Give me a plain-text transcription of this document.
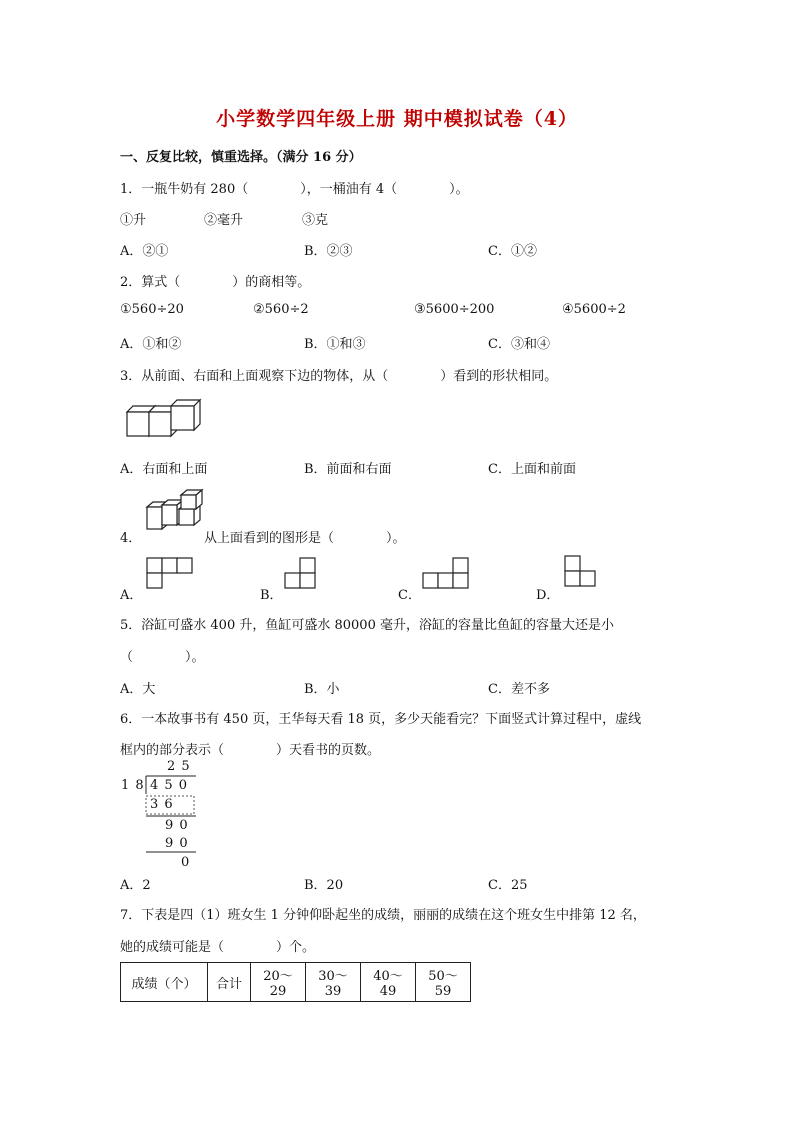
小学数学四年级上册 期中模拟试卷（4）
一、反复比较，慎重选择。（满分 16 分）
1．一瓶牛奶有 280（　　　　），一桶油有 4（　　　　）。
①升	②毫升	③克
A．②①	B．②③	C．①②
2．算式（　　　　）的商相等。
①560÷20	②560÷2	③5600÷200	④5600÷2
A．①和②	B．①和③	C．③和④
3．从前面、右面和上面观察下边的物体，从（　　　　）看到的形状相同。
A．右面和上面	B．前面和右面	C．上面和前面
4．	从上面看到的图形是（　　　　）。
A．	B．	C．	D．
5．浴缸可盛水 400 升，鱼缸可盛水 80000 毫升，浴缸的容量比鱼缸的容量大还是小
（　　　　）。
A．大	B．小	C．差不多
6．一本故事书有 450 页，王华每天看 18 页，多少天能看完？下面竖式计算过程中，虚线
框内的部分表示（　　　　）天看书的页数。
2 5
1 8 4 5 0
3 6
9 0
9 0
0
A．2	B．20	C．25
7．下表是四（1）班女生 1 分钟仰卧起坐的成绩，丽丽的成绩在这个班女生中排第 12 名，
她的成绩可能是（　　　　）个。
成绩（个）	合计	20～29	30～39	40～49	50～59
